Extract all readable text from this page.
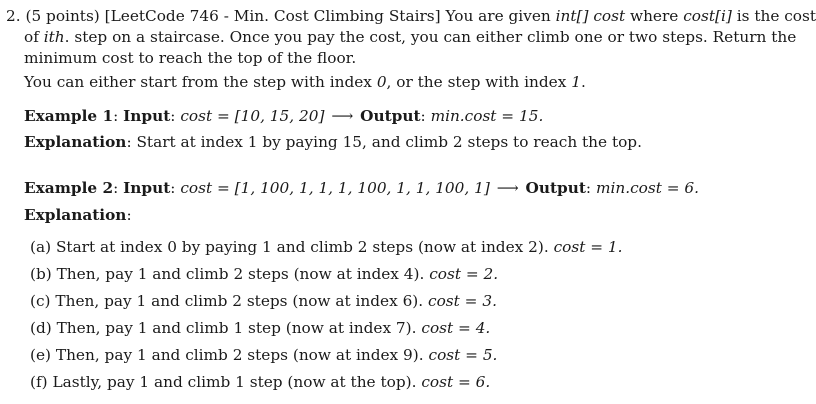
2. (5 points) [LeetCode 746 - Min. Cost Climbing Stairs] You are given int[] cost where cost[i] is the cost
of ith. step on a staircase. Once you pay the cost, you can either climb one or two steps. Return the
minimum cost to reach the top of the floor.
You can either start from the step with index 0, or the step with index 1.
Example 1: Input: cost = [10, 15, 20] ⟶ Output: min.cost = 15.
Explanation: Start at index 1 by paying 15, and climb 2 steps to reach the top.
Example 2: Input: cost = [1, 100, 1, 1, 1, 100, 1, 1, 100, 1] ⟶ Output: min.cost = 6.
Explanation:
(a) Start at index 0 by paying 1 and climb 2 steps (now at index 2). cost = 1.
(b) Then, pay 1 and climb 2 steps (now at index 4). cost = 2.
(c) Then, pay 1 and climb 2 steps (now at index 6). cost = 3.
(d) Then, pay 1 and climb 1 step (now at index 7). cost = 4.
(e) Then, pay 1 and climb 2 steps (now at index 9). cost = 5.
(f) Lastly, pay 1 and climb 1 step (now at the top). cost = 6.
